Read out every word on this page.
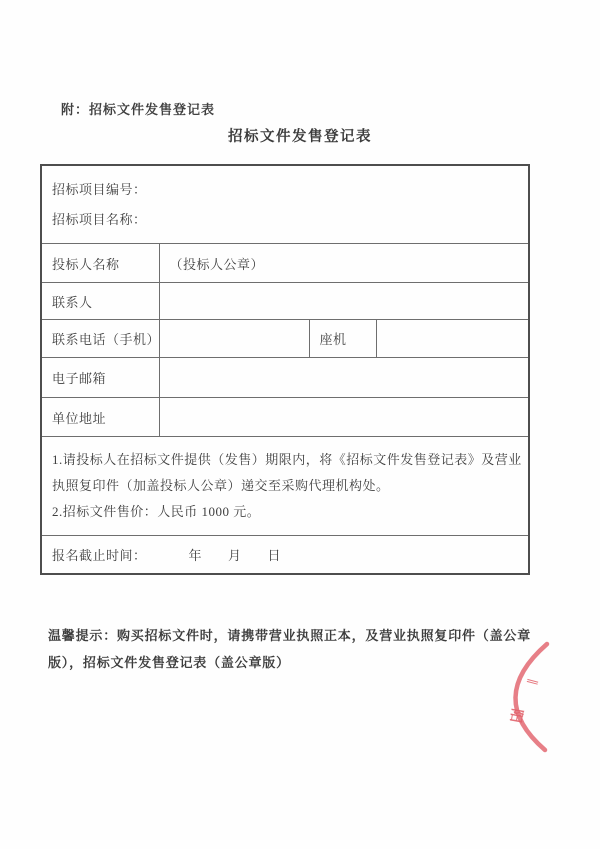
附：招标文件发售登记表
招标文件发售登记表
招标项目编号：
招标项目名称：			

投标人名称	（投标人公章）		
联系人			
联系电话（手机）		座机	
电子邮箱			
单位地址			

1.请投标人在招标文件提供（发售）期限内，将《招标文件发售登记表》及营业执照复印件（加盖投标人公章）递交至采购代理机构处。

2.招标文件售价：人民币 1000 元。			

报名截止时间： 年 月 日			
温馨提示：购买招标文件时，请携带营业执照正本，及营业执照复印件（盖公章版），招标文件发售登记表（盖公章版）
∥
阳
